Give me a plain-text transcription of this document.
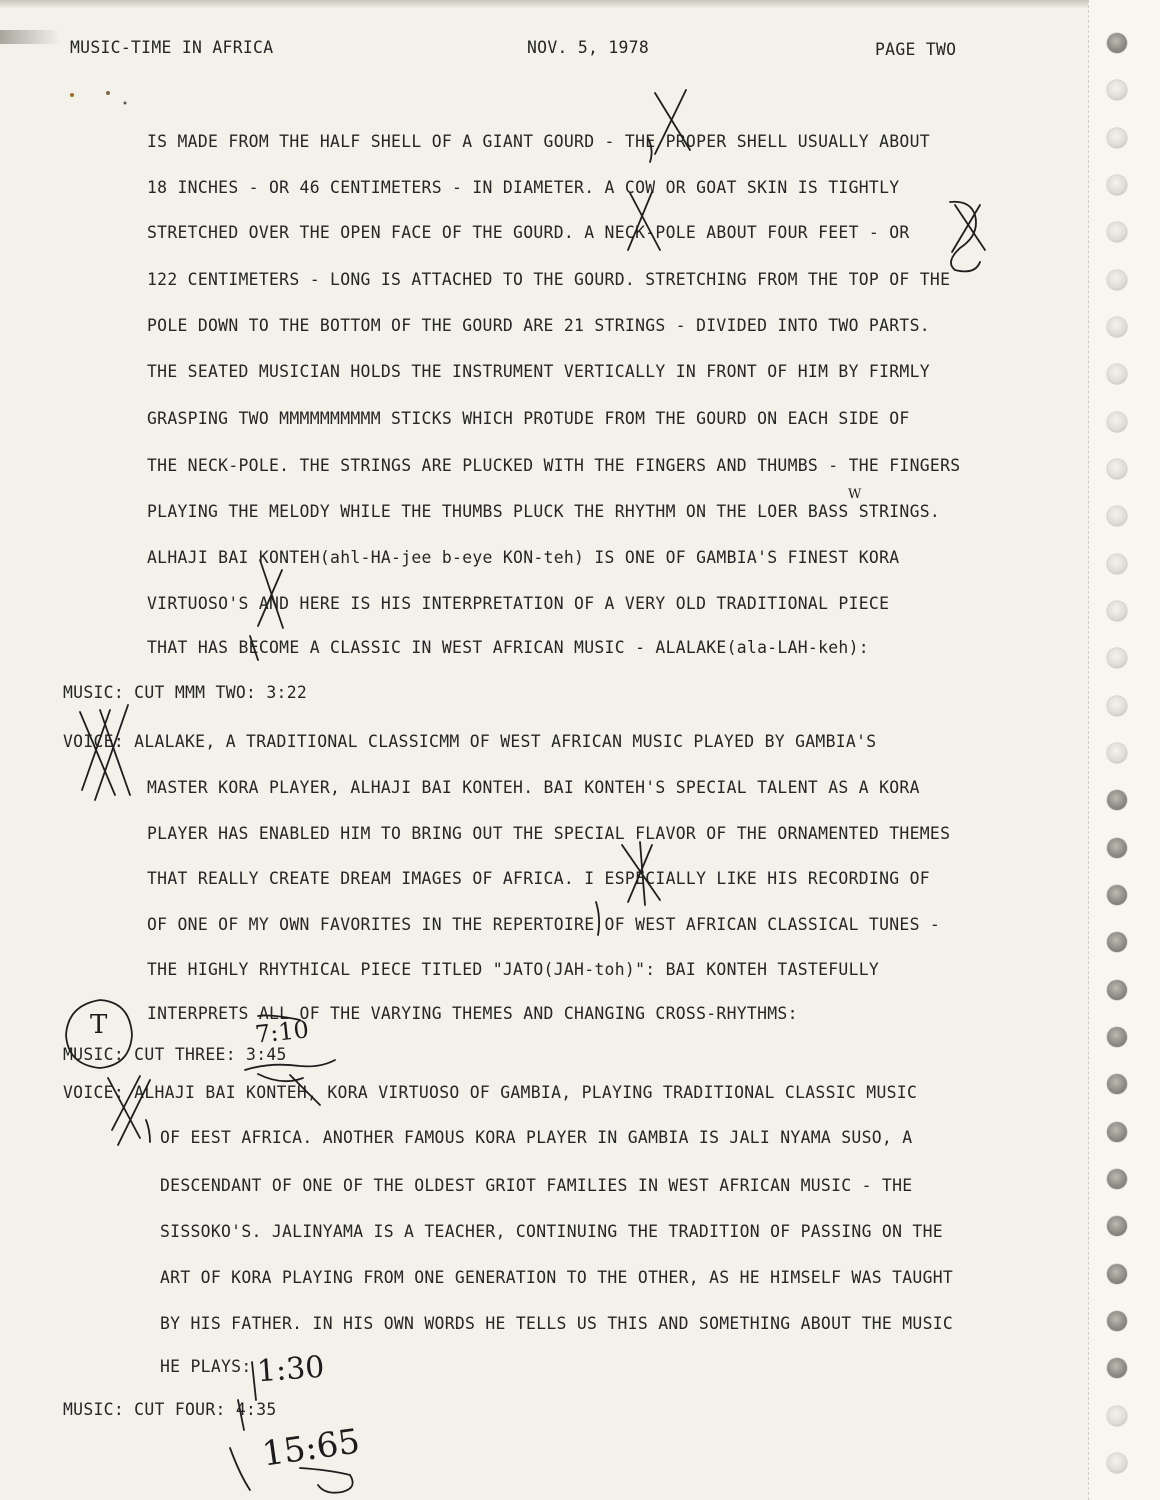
MUSIC-TIME IN AFRICA	NOV. 5, 1978	PAGE TWO
IS MADE FROM THE HALF SHELL OF A GIANT GOURD - THE PROPER SHELL USUALLY ABOUT
18 INCHES - OR 46 CENTIMETERS - IN DIAMETER. A COW OR GOAT SKIN IS TIGHTLY
STRETCHED OVER THE OPEN FACE OF THE GOURD. A NECK-POLE ABOUT FOUR FEET - OR
122 CENTIMETERS - LONG IS ATTACHED TO THE GOURD. STRETCHING FROM THE TOP OF THE
POLE DOWN TO THE BOTTOM OF THE GOURD ARE 21 STRINGS - DIVIDED INTO TWO PARTS.
THE SEATED MUSICIAN HOLDS THE INSTRUMENT VERTICALLY IN FRONT OF HIM BY FIRMLY
GRASPING TWO MMMMMMMMMM STICKS WHICH PROTUDE FROM THE GOURD ON EACH SIDE OF
THE NECK-POLE. THE STRINGS ARE PLUCKED WITH THE FINGERS AND THUMBS - THE FINGERS
PLAYING THE MELODY WHILE THE THUMBS PLUCK THE RHYTHM ON THE LOER BASS STRINGS.
ALHAJI BAI KONTEH(ahl-HA-jee b-eye KON-teh) IS ONE OF GAMBIA'S FINEST KORA
VIRTUOSO'S AND HERE IS HIS INTERPRETATION OF A VERY OLD TRADITIONAL PIECE
THAT HAS BECOME A CLASSIC IN WEST AFRICAN MUSIC - ALALAKE(ala-LAH-keh):
MUSIC: CUT MMM TWO: 3:22
VOICE: ALALAKE, A TRADITIONAL CLASSICMM OF WEST AFRICAN MUSIC PLAYED BY GAMBIA'S
MASTER KORA PLAYER, ALHAJI BAI KONTEH. BAI KONTEH'S SPECIAL TALENT AS A KORA
PLAYER HAS ENABLED HIM TO BRING OUT THE SPECIAL FLAVOR OF THE ORNAMENTED THEMES
THAT REALLY CREATE DREAM IMAGES OF AFRICA. I ESPECIALLY LIKE HIS RECORDING OF
OF ONE OF MY OWN FAVORITES IN THE REPERTOIRE OF WEST AFRICAN CLASSICAL TUNES -
THE HIGHLY RHYTHICAL PIECE TITLED "JATO(JAH-toh)": BAI KONTEH TASTEFULLY
INTERPRETS ALL OF THE VARYING THEMES AND CHANGING CROSS-RHYTHMS:
MUSIC: CUT THREE: 3:45
VOICE: ALHAJI BAI KONTEH, KORA VIRTUOSO OF GAMBIA, PLAYING TRADITIONAL CLASSIC MUSIC
OF EEST AFRICA. ANOTHER FAMOUS KORA PLAYER IN GAMBIA IS JALI NYAMA SUSO, A
DESCENDANT OF ONE OF THE OLDEST GRIOT FAMILIES IN WEST AFRICAN MUSIC - THE
SISSOKO'S. JALINYAMA IS A TEACHER, CONTINUING THE TRADITION OF PASSING ON THE
ART OF KORA PLAYING FROM ONE GENERATION TO THE OTHER, AS HE HIMSELF WAS TAUGHT
BY HIS FATHER. IN HIS OWN WORDS HE TELLS US THIS AND SOMETHING ABOUT THE MUSIC
HE PLAYS:
MUSIC: CUT FOUR: 4:35
W
7:10
1:30
15:65
T
